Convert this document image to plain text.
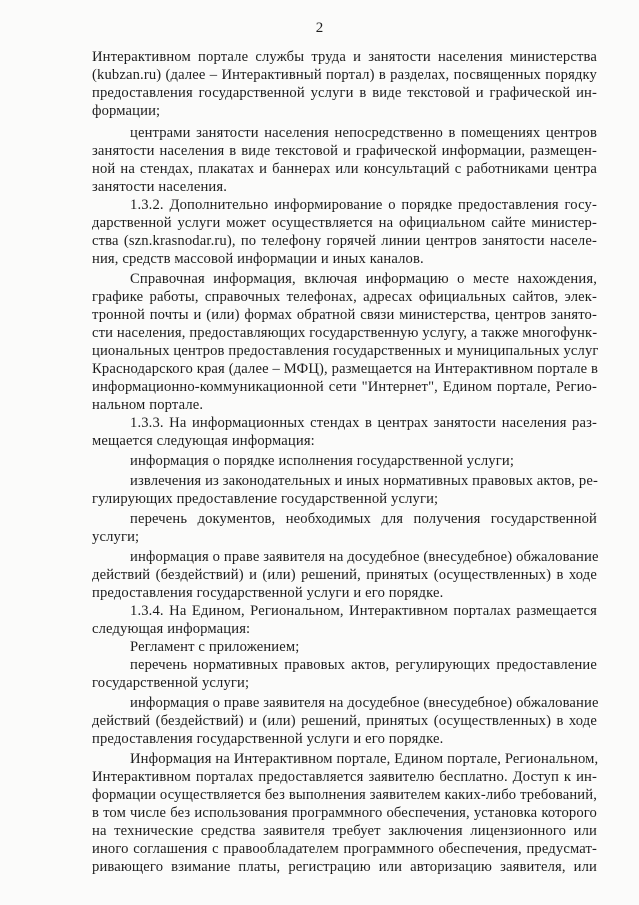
2
Интерактивном портале службы труда и занятости населения министерства
(kubzan.ru) (далее – Интерактивный портал) в разделах, посвященных порядку
предоставления государственной услуги в виде текстовой и графической ин-
формации;
центрами занятости населения непосредственно в помещениях центров
занятости населения в виде текстовой и графической информации, размещен-
ной на стендах, плакатах и баннерах или консультаций с работниками центра
занятости населения.
1.3.2. Дополнительно информирование о порядке предоставления госу-
дарственной услуги может осуществляется на официальном сайте министер-
ства (szn.krasnodar.ru), по телефону горячей линии центров занятости населе-
ния, средств массовой информации и иных каналов.
Справочная информация, включая информацию о месте нахождения,
графике работы, справочных телефонах, адресах официальных сайтов, элек-
тронной почты и (или) формах обратной связи министерства, центров занято-
сти населения, предоставляющих государственную услугу, а также многофунк-
циональных центров предоставления государственных и муниципальных услуг
Краснодарского края (далее – МФЦ), размещается на Интерактивном портале в
информационно-коммуникационной сети "Интернет", Едином портале, Регио-
нальном портале.
1.3.3. На информационных стендах в центрах занятости населения раз-
мещается следующая информация:
информация о порядке исполнения государственной услуги;
извлечения из законодательных и иных нормативных правовых актов, ре-
гулирующих предоставление государственной услуги;
перечень документов, необходимых для получения государственной
услуги;
информация о праве заявителя на досудебное (внесудебное) обжалование
действий (бездействий) и (или) решений, принятых (осуществленных) в ходе
предоставления государственной услуги и его порядке.
1.3.4. На Едином, Региональном, Интерактивном порталах размещается
следующая информация:
Регламент с приложением;
перечень нормативных правовых актов, регулирующих предоставление
государственной услуги;
информация о праве заявителя на досудебное (внесудебное) обжалование
действий (бездействий) и (или) решений, принятых (осуществленных) в ходе
предоставления государственной услуги и его порядке.
Информация на Интерактивном портале, Едином портале, Региональном,
Интерактивном порталах предоставляется заявителю бесплатно. Доступ к ин-
формации осуществляется без выполнения заявителем каких-либо требований,
в том числе без использования программного обеспечения, установка которого
на технические средства заявителя требует заключения лицензионного или
иного соглашения с правообладателем программного обеспечения, предусмат-
ривающего взимание платы, регистрацию или авторизацию заявителя, или
